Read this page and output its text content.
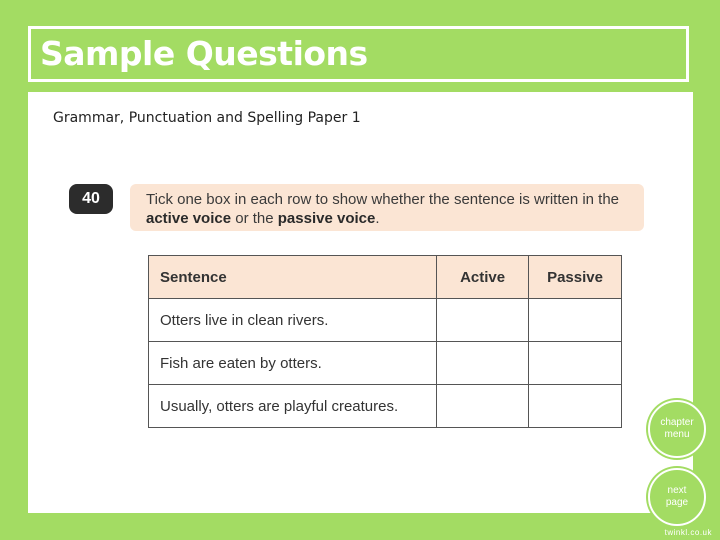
Sample Questions
Grammar, Punctuation and Spelling Paper 1
40	Tick one box in each row to show whether the sentence is written in the active voice or the passive voice.
Sentence	Active	Passive
Otters live in clean rivers.		
Fish are eaten by otters.		
Usually, otters are playful creatures.		
chapter menu
next page
twinkl.co.uk
